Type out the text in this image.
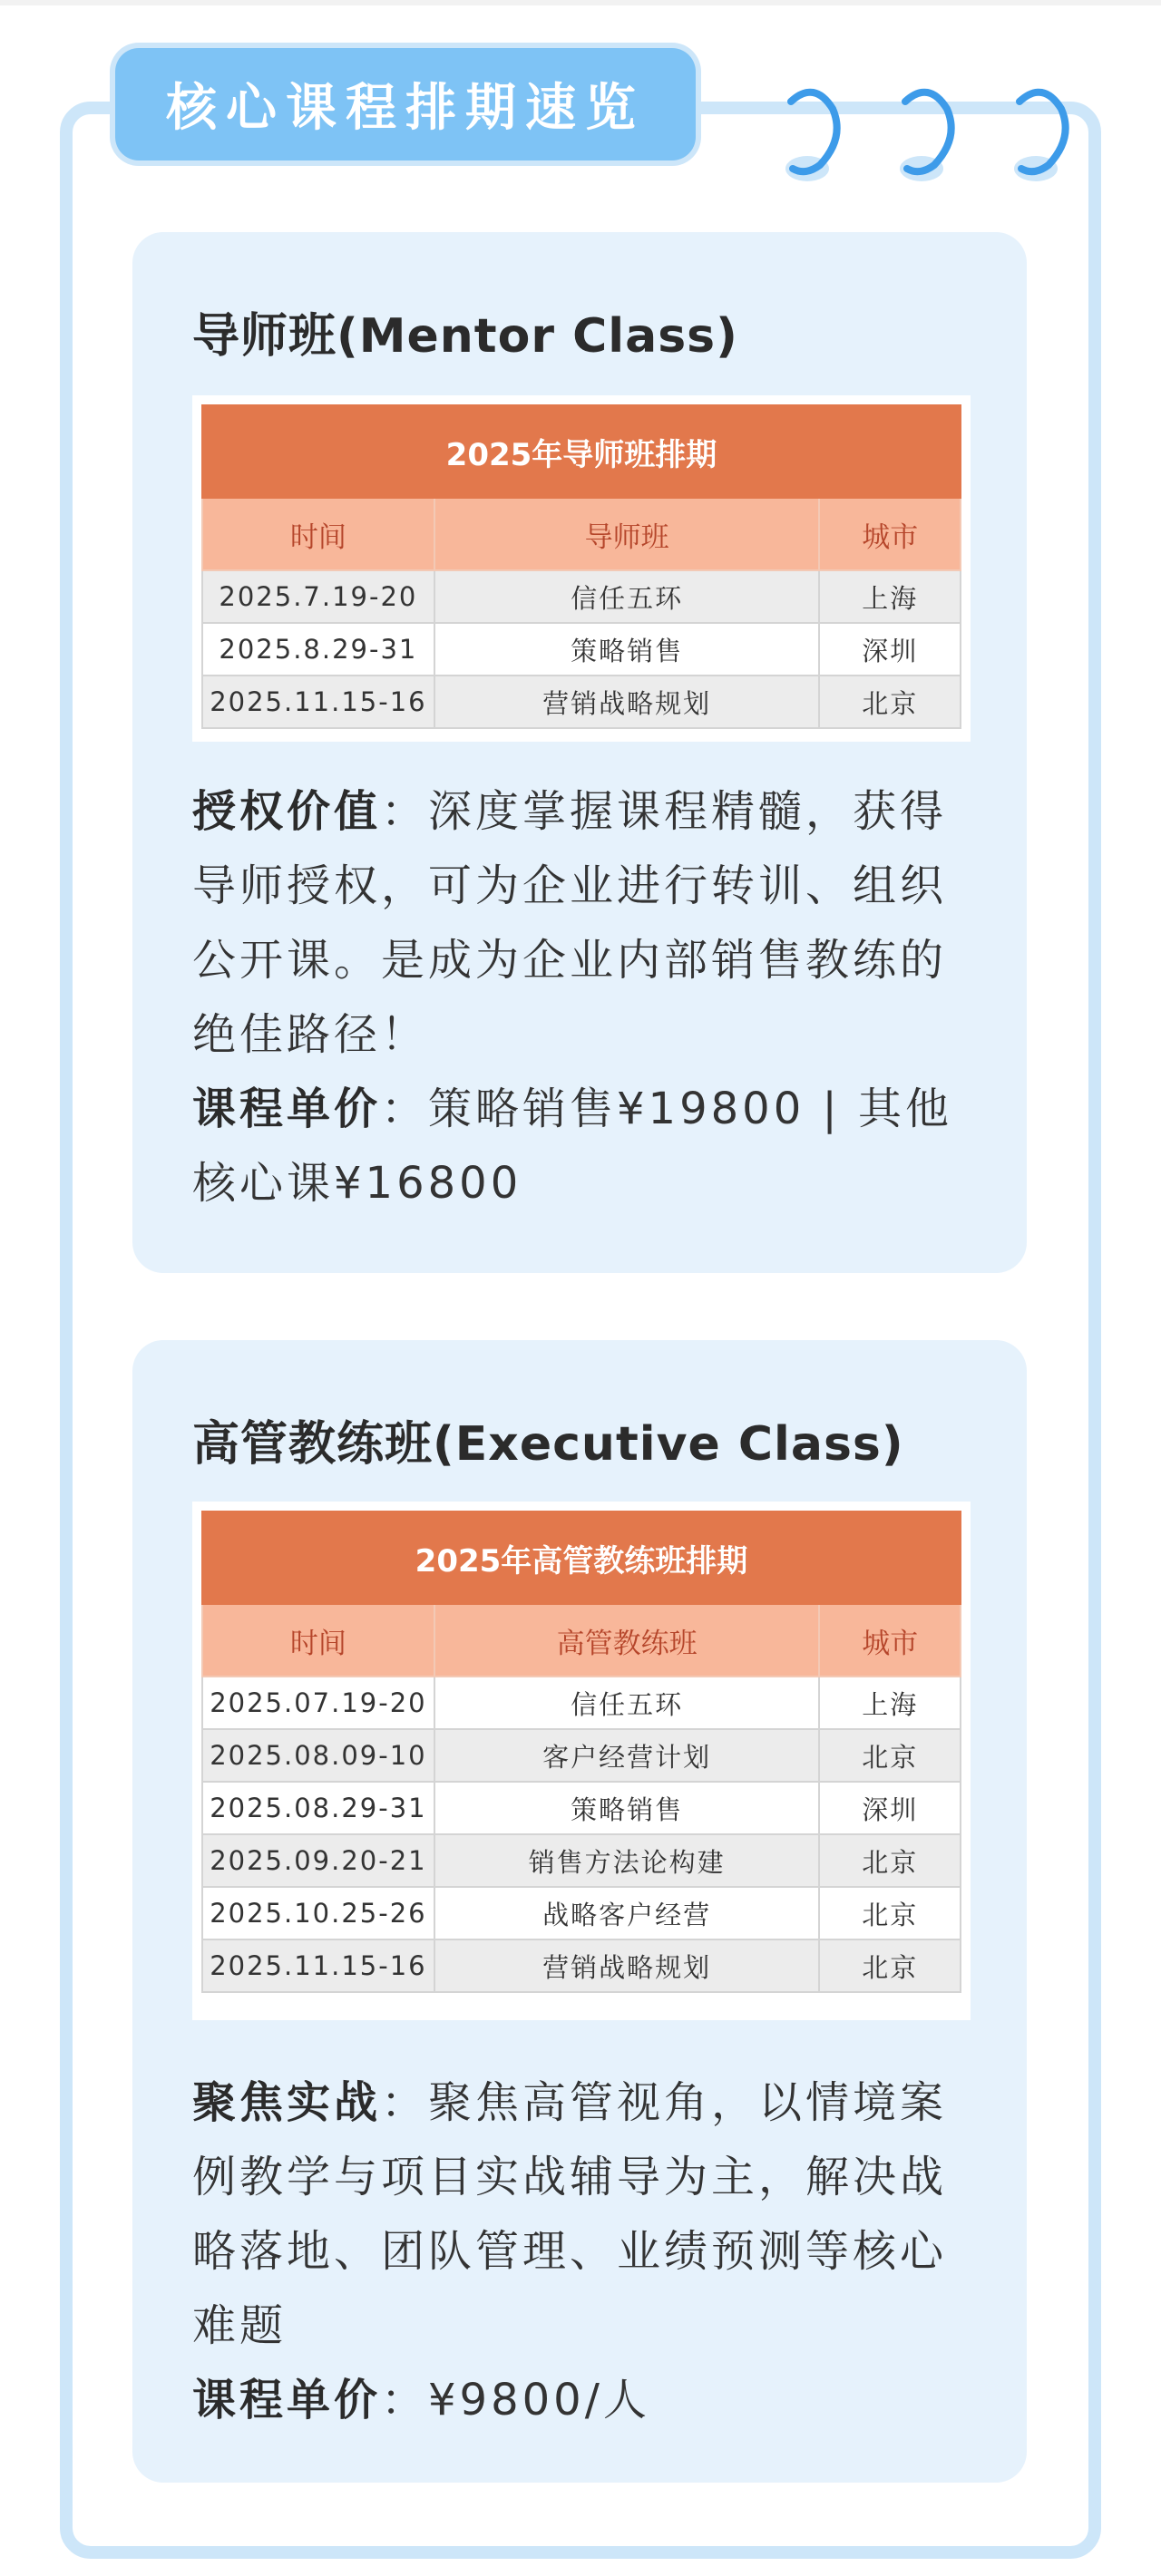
核心课程排期速览
导师班(Mentor Class)
2025年导师班排期		
时间	导师班	城市
2025.7.19-20	信任五环	上海
2025.8.29-31	策略销售	深圳
2025.11.15-16	营销战略规划	北京
授权价值：深度掌握课程精髓，获得导师授权，可为企业进行转训、组织公开课。是成为企业内部销售教练的绝佳路径！
课程单价：策略销售¥19800 | 其他核心课¥16800
高管教练班(Executive Class)
2025年高管教练班排期		
时间	高管教练班	城市
2025.07.19-20	信任五环	上海
2025.08.09-10	客户经营计划	北京
2025.08.29-31	策略销售	深圳
2025.09.20-21	销售方法论构建	北京
2025.10.25-26	战略客户经营	北京
2025.11.15-16	营销战略规划	北京
聚焦实战：聚焦高管视角，以情境案例教学与项目实战辅导为主，解决战略落地、团队管理、业绩预测等核心难题
课程单价：¥9800/人
